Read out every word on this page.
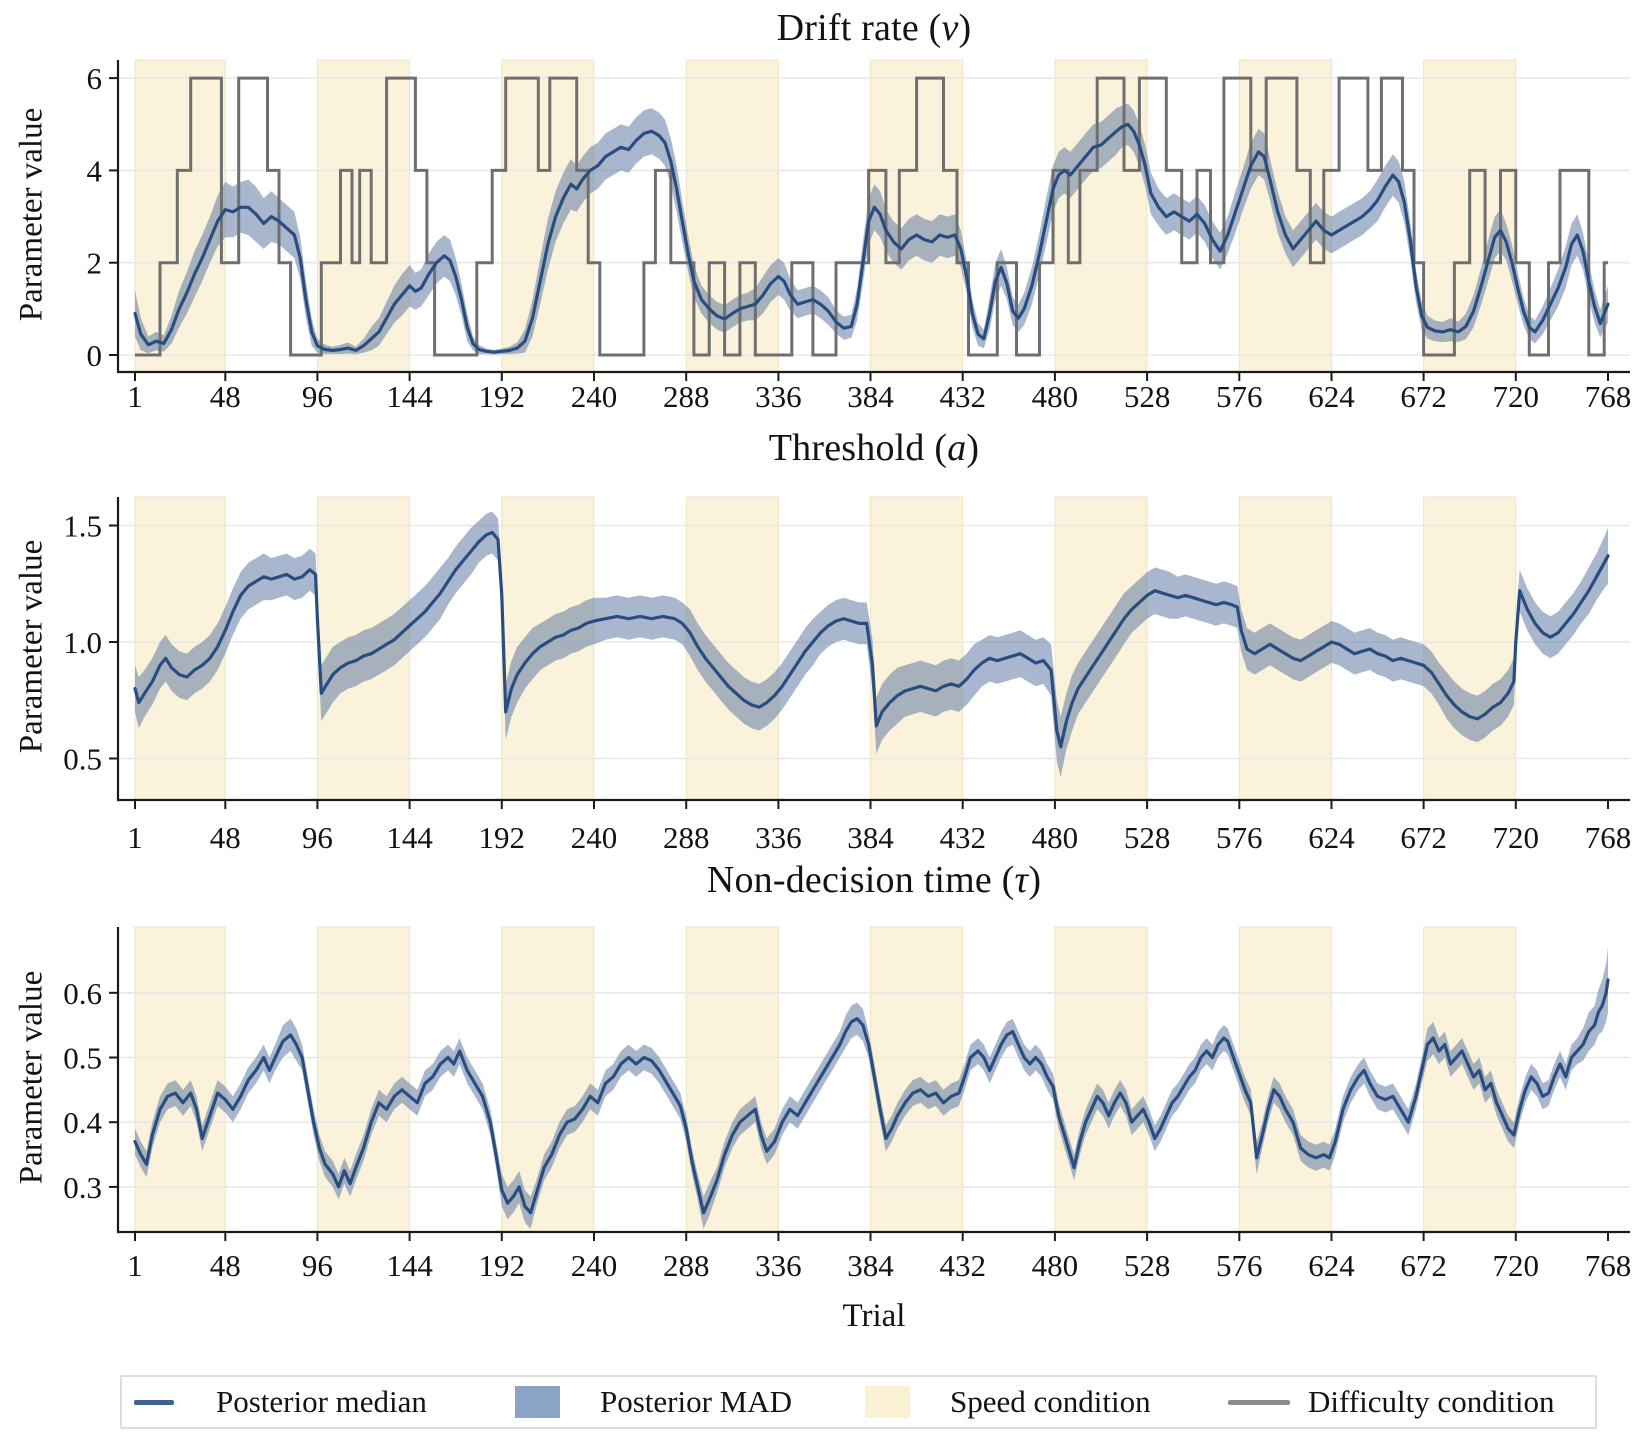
Drift rate (v)
Parameter value
1 48 96 144 192 240 288 336 384 432 480 528 576 624 672 720 768
0
2
4
6
Threshold (a)
Parameter value
1 48 96 144 192 240 288 336 384 432 480 528 576 624 672 720 768
0.5
1.0
1.5
Non-decision time (τ)
Parameter value
1 48 96 144 192 240 288 336 384 432 480 528 576 624 672 720 768
0.3
0.4
0.5
0.6
Trial
Posterior median	Posterior MAD	Speed condition	Difficulty condition
